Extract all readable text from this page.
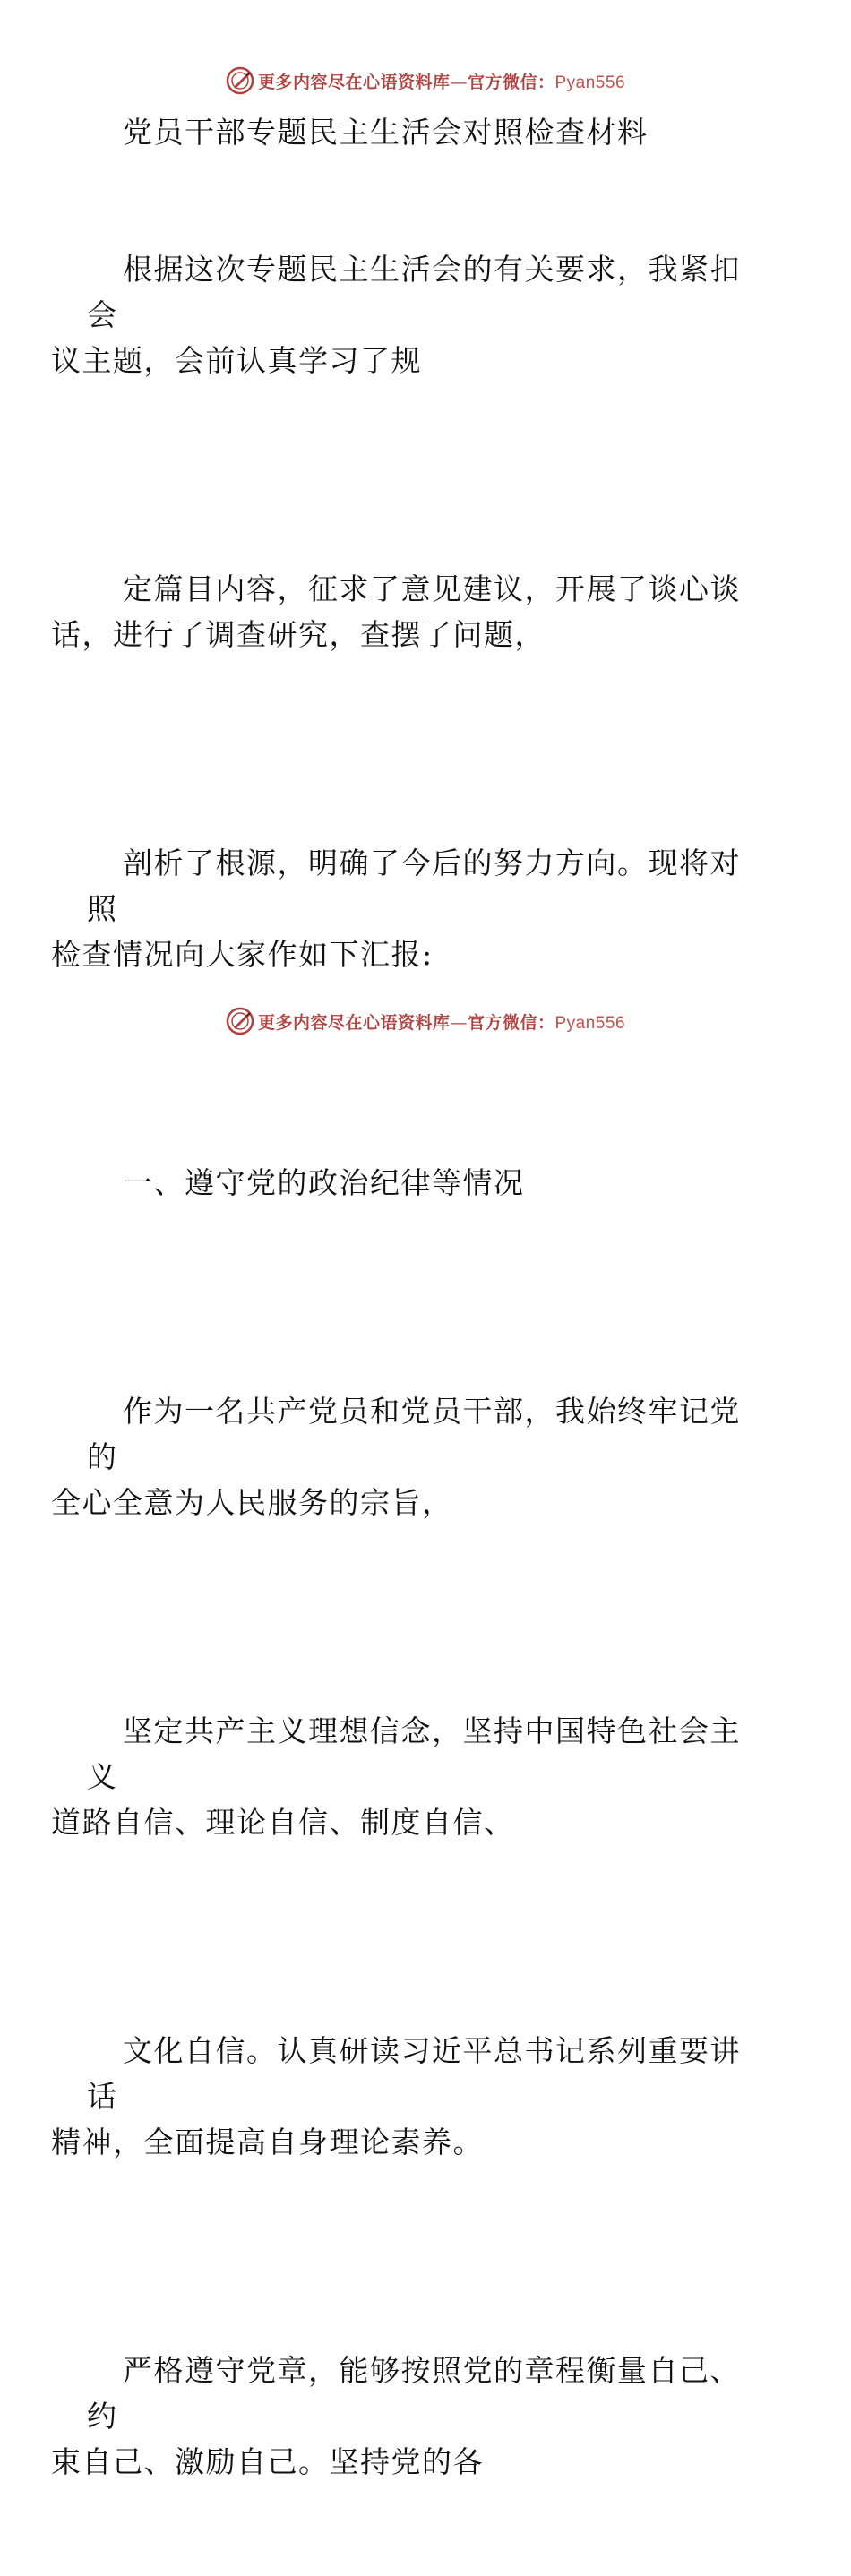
更多内容尽在心语资料库—官方微信：Pyan556

党员干部专题民主生活会对照检查材料

根据这次专题民主生活会的有关要求，我紧扣会
议主题，会前认真学习了规

定篇目内容，征求了意见建议，开展了谈心谈
话，进行了调查研究，查摆了问题，

剖析了根源，明确了今后的努力方向。现将对照
检查情况向大家作如下汇报:

一、遵守党的政治纪律等情况

作为一名共产党员和党员干部，我始终牢记党的
全心全意为人民服务的宗旨，

坚定共产主义理想信念，坚持中国特色社会主义
道路自信、理论自信、制度自信、

文化自信。认真研读习近平总书记系列重要讲话
精神，全面提高自身理论素养。

严格遵守党章，能够按照党的章程衡量自己、约
束自己、激励自己。坚持党的各

更多内容尽在心语资料库—官方微信：Pyan556
